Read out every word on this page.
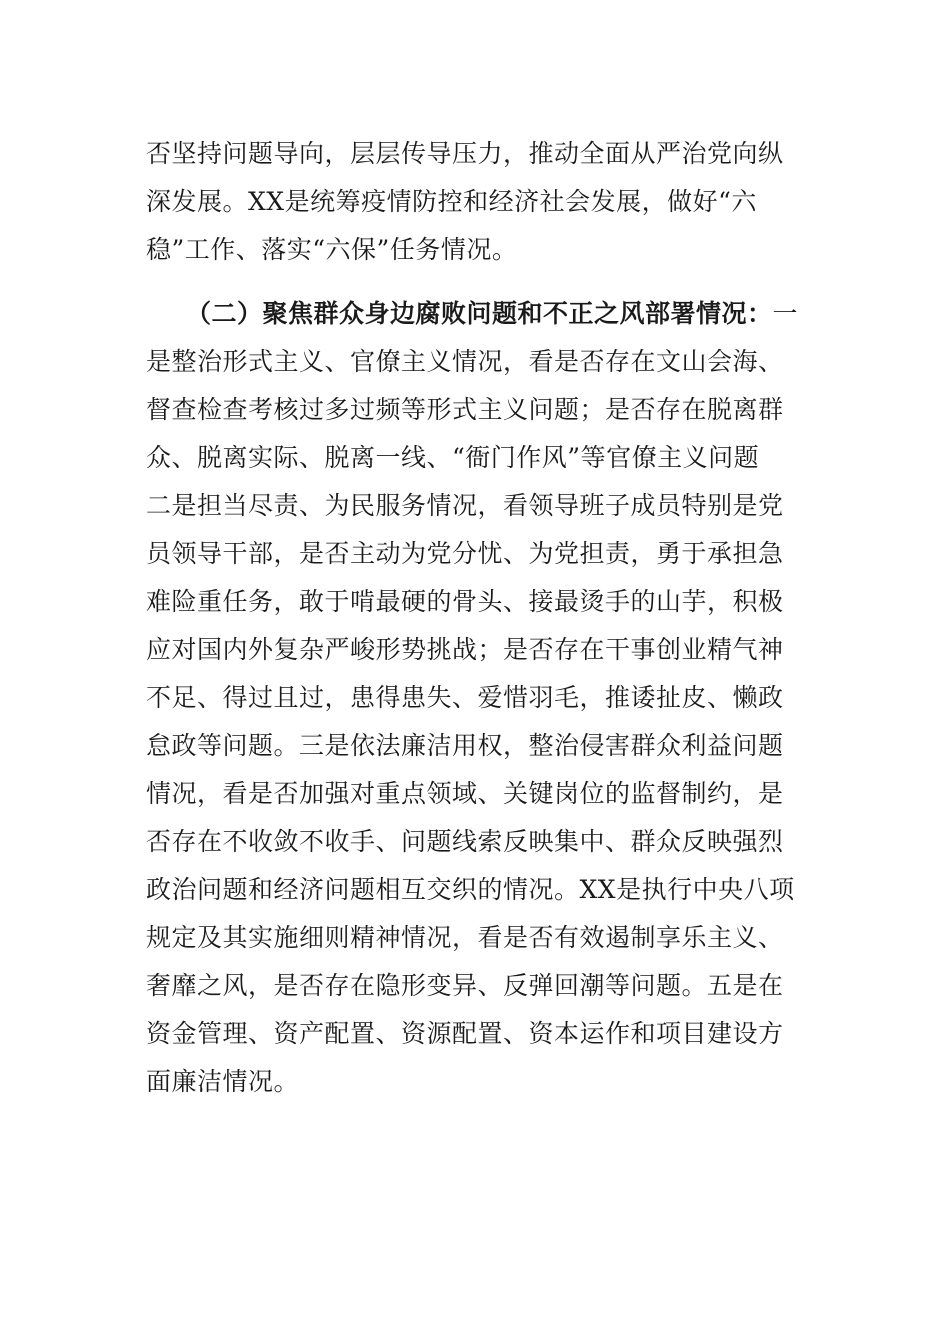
否坚持问题导向，层层传导压力，推动全面从严治党向纵
深发展。XX是统筹疫情防控和经济社会发展，做好“六
稳”工作、落实“六保”任务情况。
（二）聚焦群众身边腐败问题和不正之风部署情况：一
是整治形式主义、官僚主义情况，看是否存在文山会海、
督查检查考核过多过频等形式主义问题；是否存在脱离群
众、脱离实际、脱离一线、“衙门作风”等官僚主义问题
二是担当尽责、为民服务情况，看领导班子成员特别是党
员领导干部，是否主动为党分忧、为党担责，勇于承担急
难险重任务，敢于啃最硬的骨头、接最烫手的山芋，积极
应对国内外复杂严峻形势挑战；是否存在干事创业精气神
不足、得过且过，患得患失、爱惜羽毛，推诿扯皮、懒政
怠政等问题。三是依法廉洁用权，整治侵害群众利益问题
情况，看是否加强对重点领域、关键岗位的监督制约，是
否存在不收敛不收手、问题线索反映集中、群众反映强烈
政治问题和经济问题相互交织的情况。XX是执行中央八项
规定及其实施细则精神情况，看是否有效遏制享乐主义、
奢靡之风，是否存在隐形变异、反弹回潮等问题。五是在
资金管理、资产配置、资源配置、资本运作和项目建设方
面廉洁情况。
